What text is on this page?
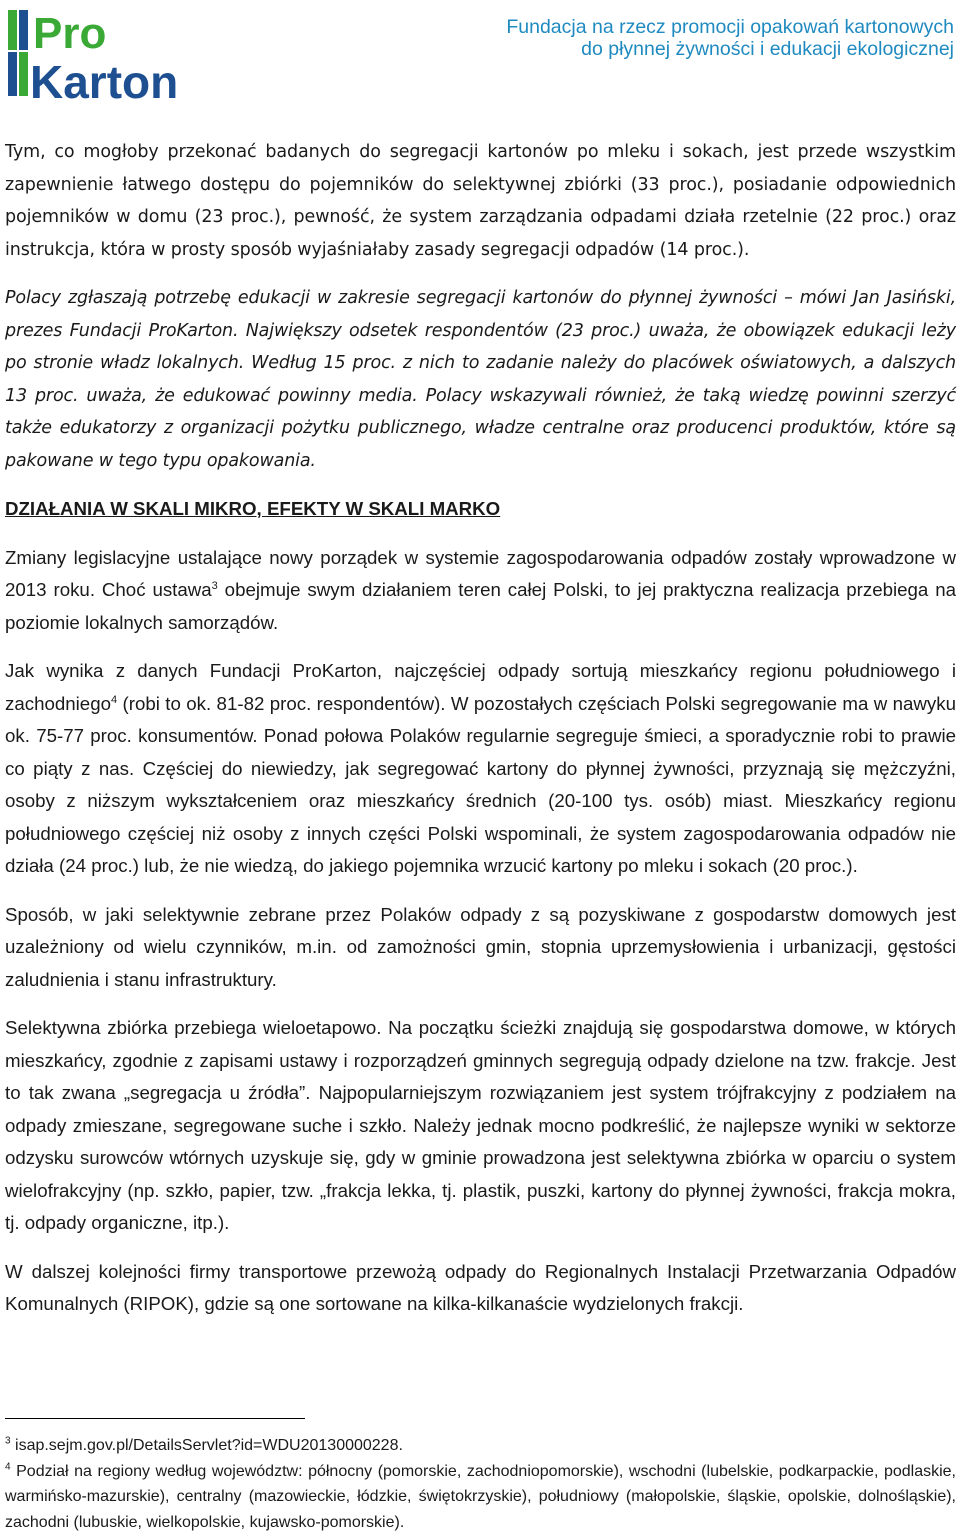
Pro
Karton
Fundacja na rzecz promocji opakowań kartonowych
do płynnej żywności i edukacji ekologicznej

Tym, co mogłoby przekonać badanych do segregacji kartonów po mleku i sokach, jest przede wszystkim zapewnienie łatwego dostępu do pojemników do selektywnej zbiórki (33 proc.), posiadanie odpowiednich pojemników w domu (23 proc.), pewność, że system zarządzania odpadami działa rzetelnie (22 proc.) oraz instrukcja, która w prosty sposób wyjaśniałaby zasady segregacji odpadów (14 proc.).

Polacy zgłaszają potrzebę edukacji w zakresie segregacji kartonów do płynnej żywności – mówi Jan Jasiński, prezes Fundacji ProKarton. Największy odsetek respondentów (23 proc.) uważa, że obowiązek edukacji leży po stronie władz lokalnych. Według 15 proc. z nich to zadanie należy do placówek oświatowych, a dalszych 13 proc. uważa, że edukować powinny media. Polacy wskazywali również, że taką wiedzę powinni szerzyć także edukatorzy z organizacji pożytku publicznego, władze centralne oraz producenci produktów, które są pakowane w tego typu opakowania.

DZIAŁANIA W SKALI MIKRO, EFEKTY W SKALI MARKO

Zmiany legislacyjne ustalające nowy porządek w systemie zagospodarowania odpadów zostały wprowadzone w 2013 roku. Choć ustawa$^3$ obejmuje swym działaniem teren całej Polski, to jej praktyczna realizacja przebiega na poziomie lokalnych samorządów.

Jak wynika z danych Fundacji ProKarton, najczęściej odpady sortują mieszkańcy regionu południowego i zachodniego$^4$ (robi to ok. 81-82 proc. respondentów). W pozostałych częściach Polski segregowanie ma w nawyku ok. 75-77 proc. konsumentów. Ponad połowa Polaków regularnie segreguje śmieci, a sporadycznie robi to prawie co piąty z nas. Częściej do niewiedzy, jak segregować kartony do płynnej żywności, przyznają się mężczyźni, osoby z niższym wykształceniem oraz mieszkańcy średnich (20-100 tys. osób) miast. Mieszkańcy regionu południowego częściej niż osoby z innych części Polski wspominali, że system zagospodarowania odpadów nie działa (24 proc.) lub, że nie wiedzą, do jakiego pojemnika wrzucić kartony po mleku i sokach (20 proc.).

Sposób, w jaki selektywnie zebrane przez Polaków odpady z są pozyskiwane z gospodarstw domowych jest uzależniony od wielu czynników, m.in. od zamożności gmin, stopnia uprzemysłowienia i urbanizacji, gęstości zaludnienia i stanu infrastruktury.

Selektywna zbiórka przebiega wieloetapowo. Na początku ścieżki znajdują się gospodarstwa domowe, w których mieszkańcy, zgodnie z zapisami ustawy i rozporządzeń gminnych segregują odpady dzielone na tzw. frakcje. Jest to tak zwana „segregacja u źródła”. Najpopularniejszym rozwiązaniem jest system trójfrakcyjny z podziałem na odpady zmieszane, segregowane suche i szkło. Należy jednak mocno podkreślić, że najlepsze wyniki w sektorze odzysku surowców wtórnych uzyskuje się, gdy w gminie prowadzona jest selektywna zbiórka w oparciu o system wielofrakcyjny (np. szkło, papier, tzw. „frakcja lekka, tj. plastik, puszki, kartony do płynnej żywności, frakcja mokra, tj. odpady organiczne, itp.).

W dalszej kolejności firmy transportowe przewożą odpady do Regionalnych Instalacji Przetwarzania Odpadów Komunalnych (RIPOK), gdzie są one sortowane na kilka-kilkanaście wydzielonych frakcji.

$^3$ isap.sejm.gov.pl/DetailsServlet?id=WDU20130000228.

$^4$ Podział na regiony według województw: północny (pomorskie, zachodniopomorskie), wschodni (lubelskie, podkarpackie, podlaskie, warmińsko-mazurskie), centralny (mazowieckie, łódzkie, świętokrzyskie), południowy (małopolskie, śląskie, opolskie, dolnośląskie), zachodni (lubuskie, wielkopolskie, kujawsko-pomorskie).
